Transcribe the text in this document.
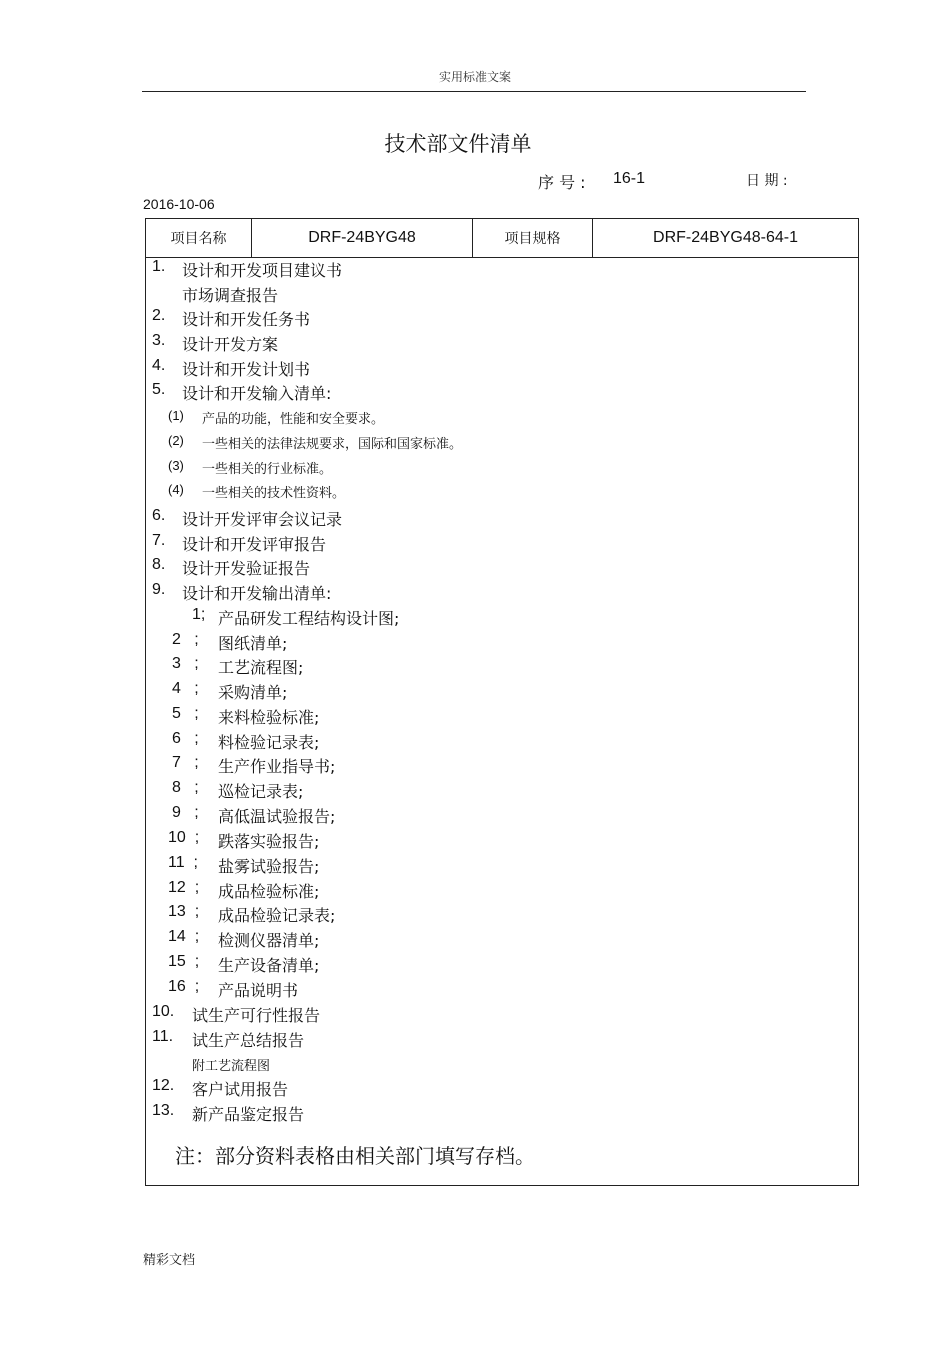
实用标准文案
技术部文件清单
序 号 : 16-1	日 期 :
2016-10-06
项目名称	DRF-24BYG48	项目规格	DRF-24BYG48-64-1
1. 设计和开发项目建议书
市场调查报告
2. 设计和开发任务书
3. 设计开发方案
4. 设计和开发计划书
5. 设计和开发输入清单:
(1) 产品的功能，性能和安全要求。
(2) 一些相关的法律法规要求，国际和国家标准。
(3) 一些相关的行业标准。
(4) 一些相关的技术性资料。
6. 设计开发评审会议记录
7. 设计和开发评审报告
8. 设计开发验证报告
9. 设计和开发输出清单:
1; 产品研发工程结构设计图;
2   ; 图纸清单;
3   ; 工艺流程图;
4   ; 采购清单;
5   ; 来料检验标准;
6   ; 料检验记录表;
7   ; 生产作业指导书;
8   ; 巡检记录表;
9   ; 高低温试验报告;
10  ; 跌落实验报告;
11  ; 盐雾试验报告;
12  ; 成品检验标准;
13  ; 成品检验记录表;
14  ; 检测仪器清单;
15  ; 生产设备清单;
16  ; 产品说明书
10. 试生产可行性报告
11. 试生产总结报告
附工艺流程图
12. 客户试用报告
13. 新产品鉴定报告
注：部分资料表格由相关部门填写存档。
精彩文档
